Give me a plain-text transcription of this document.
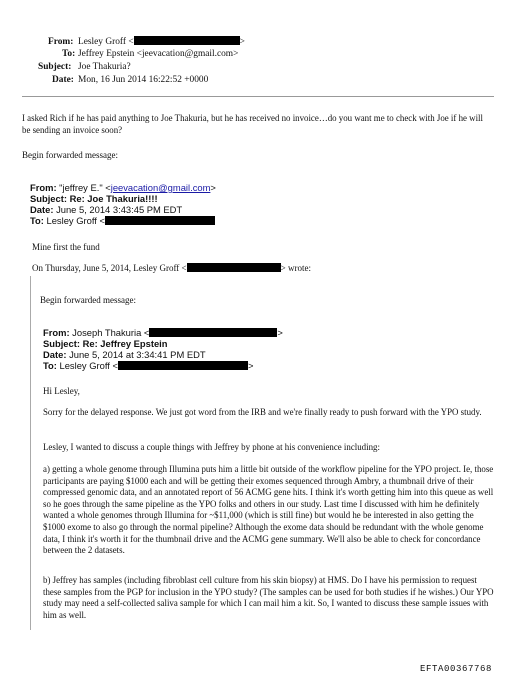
From: Lesley Groff <	>
To: Jeffrey Epstein <jeevacation@gmail.com>
Subject: Joe Thakuria?
Date: Mon, 16 Jun 2014 16:22:52 +0000
I asked Rich if he has paid anything to Joe Thakuria, but he has received no invoice…do you want me to check with Joe if he will be sending an invoice soon?
Begin forwarded message:
From: "jeffrey E." <jeevacation@gmail.com>
Subject: Re: Joe Thakuria!!!!
Date: June 5, 2014 3:43:45 PM EDT
To: Lesley Groff <
Mine first the fund
On Thursday, June 5, 2014, Lesley Groff <	> wrote:
Begin forwarded message:
From: Joseph Thakuria <	>
Subject: Re: Jeffrey Epstein
Date: June 5, 2014 at 3:34:41 PM EDT
To: Lesley Groff <	>
Hi Lesley,
Sorry for the delayed response. We just got word from the IRB and we're finally ready to push forward with the YPO study.
Lesley, I wanted to discuss a couple things with Jeffrey by phone at his convenience including:
a) getting a whole genome through Illumina puts him a little bit outside of the workflow pipeline for the YPO project. Ie, those participants are paying $1000 each and will be getting their exomes sequenced through Ambry, a thumbnail drive of their compressed genomic data, and an annotated report of 56 ACMG gene hits. I think it's worth getting him into this queue as well so he goes through the same pipeline as the YPO folks and others in our study. Last time I discussed with him he definitely wanted a whole genomes through Illumina for ~$11,000 (which is still fine) but would he be interested in also getting the $1000 exome to also go through the normal pipeline? Although the exome data should be redundant with the whole genome data, I think it's worth it for the thumbnail drive and the ACMG gene summary. We'll also be able to check for concordance between the 2 datasets.
b) Jeffrey has samples (including fibroblast cell culture from his skin biopsy) at HMS. Do I have his permission to request these samples from the PGP for inclusion in the YPO study? (The samples can be used for both studies if he wishes.) Our YPO study may need a self-collected saliva sample for which I can mail him a kit. So, I wanted to discuss these sample issues with him as well.
EFTA00367768
